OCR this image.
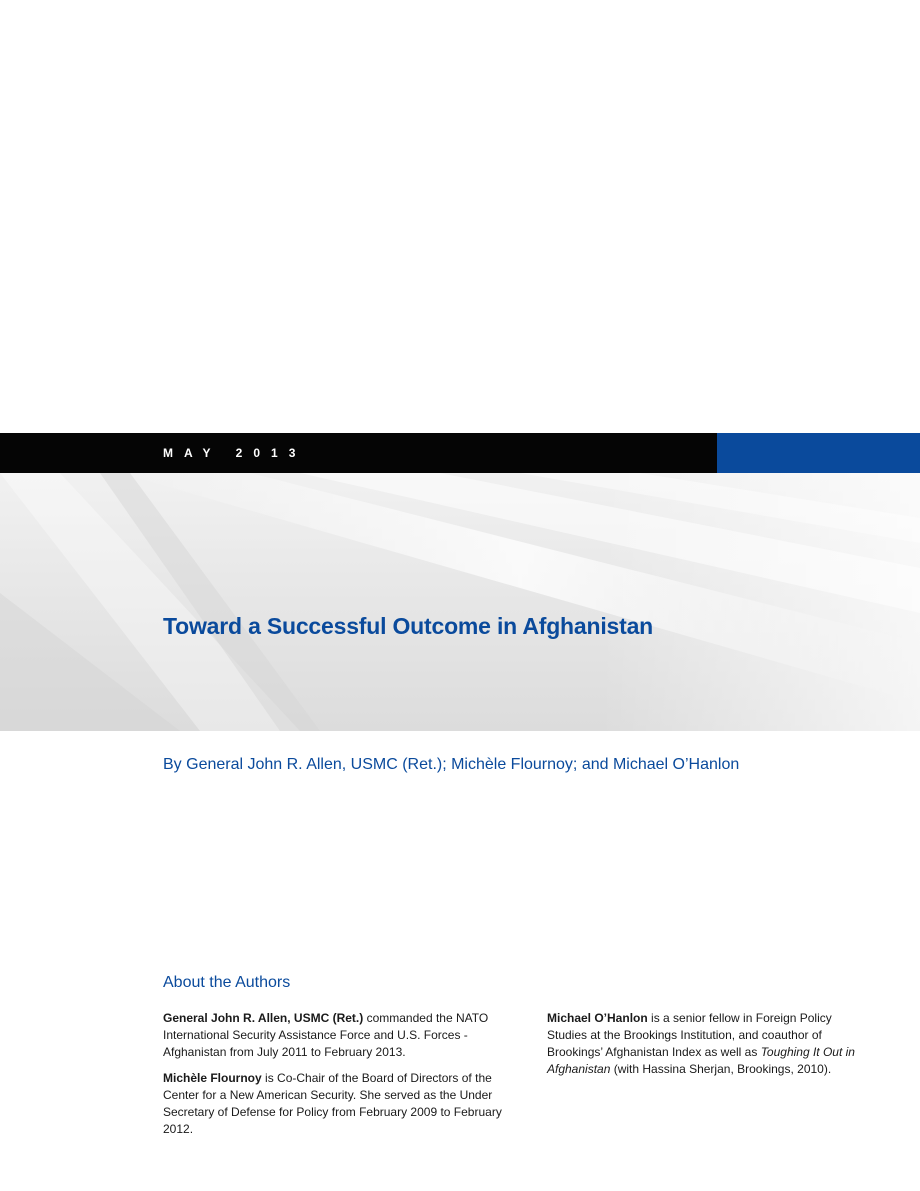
MAY 2013
Toward a Successful Outcome in Afghanistan

By General John R. Allen, USMC (Ret.); Michèle Flournoy; and Michael O’Hanlon

About the Authors

General John R. Allen, USMC (Ret.) commanded the NATO International Security Assistance Force and U.S. Forces - Afghanistan from July 2011 to February 2013.

Michèle Flournoy is Co-Chair of the Board of Directors of the Center for a New American Security. She served as the Under Secretary of Defense for Policy from February 2009 to February 2012.

Michael O’Hanlon is a senior fellow in Foreign Policy Studies at the Brookings Institution, and coauthor of Brookings’ Afghanistan Index as well as Toughing It Out in Afghanistan (with Hassina Sherjan, Brookings, 2010).
